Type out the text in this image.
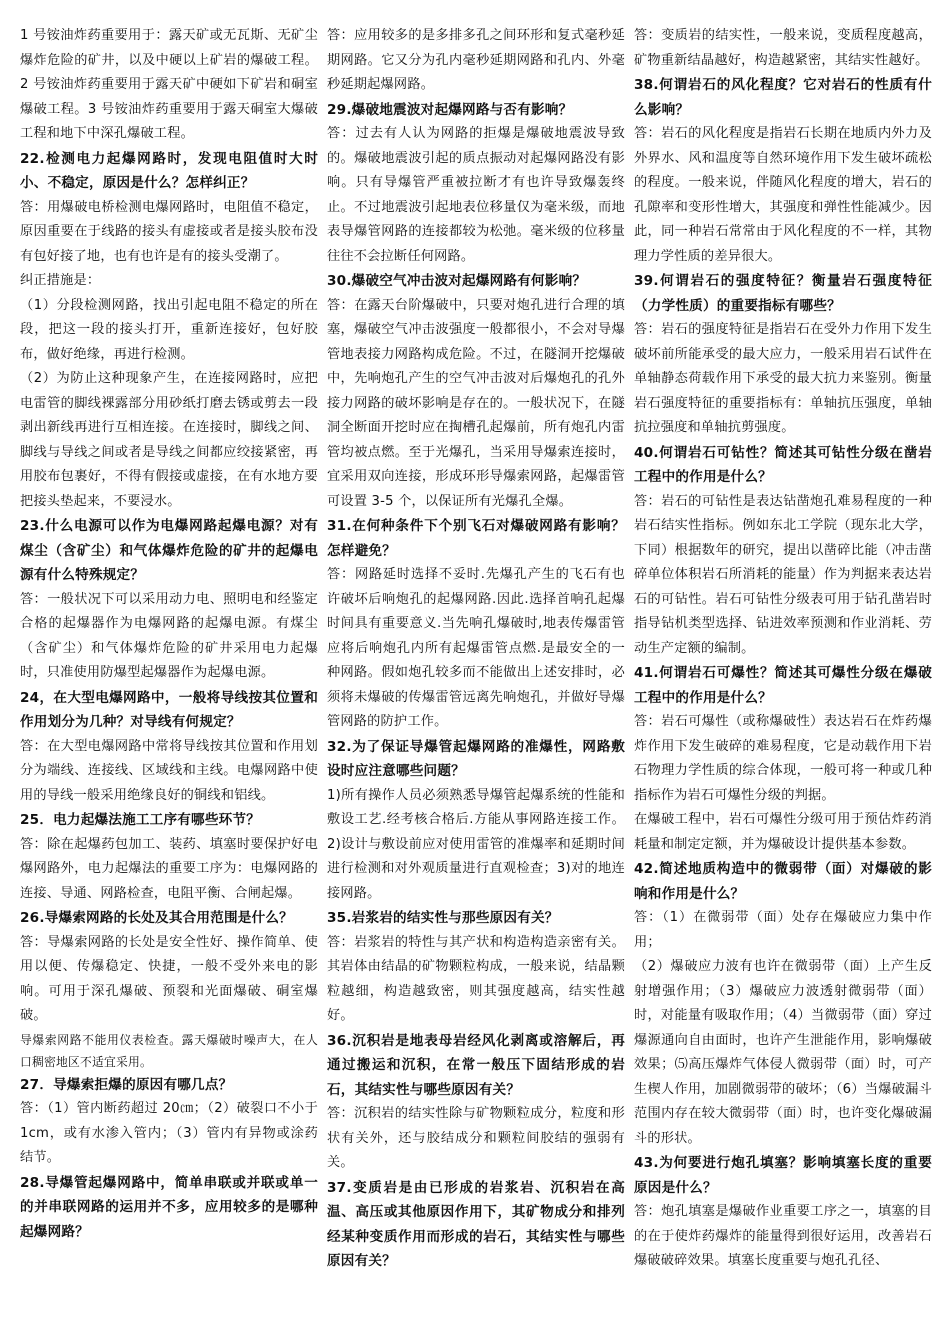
1 号铵油炸药重要用于：露天矿或无瓦斯、无矿尘爆炸危险的矿井，以及中硬以上矿岩的爆破工程。2 号铵油炸药重要用于露天矿中硬如下矿岩和硐室爆破工程。3 号铵油炸药重要用于露天硐室大爆破工程和地下中深孔爆破工程。

22.检测电力起爆网路时，发现电阻值时大时小、不稳定，原因是什么？怎样纠正？

答：用爆破电桥检测电爆网路时，电阻值不稳定，原因重要在于线路的接头有虚接或者是接头胶布没有包好接了地，也有也许是有的接头受潮了。

纠正措施是：

（1）分段检测网路，找出引起电阻不稳定的所在段，把这一段的接头打开，重新连接好，包好胶布，做好绝缘，再进行检测。

（2）为防止这种现象产生，在连接网路时，应把电雷管的脚线裸露部分用砂纸打磨去锈或剪去一段剥出新线再进行互相连接。在连接时，脚线之间、脚线与导线之间或者是导线之间都应绞接紧密，再用胶布包裹好，不得有假接或虚接，在有水地方要把接头垫起来，不要浸水。

23.什么电源可以作为电爆网路起爆电源？对有煤尘（含矿尘）和气体爆炸危险的矿井的起爆电源有什么特殊规定？

答：一般状况下可以采用动力电、照明电和经鉴定合格的起爆器作为电爆网路的起爆电源。有煤尘（含矿尘）和气体爆炸危险的矿井采用电力起爆时，只准使用防爆型起爆器作为起爆电源。

24，在大型电爆网路中，一般将导线按其位置和作用划分为几种？对导线有何规定？

答：在大型电爆网路中常将导线按其位置和作用划分为端线、连接线、区域线和主线。电爆网路中使用的导线一般采用绝缘良好的铜线和铝线。

25．电力起爆法施工工序有哪些环节？

答：除在起爆药包加工、装药、填塞时要保护好电爆网路外，电力起爆法的重要工序为：电爆网路的连接、导通、网路检查，电阻平衡、合闸起爆。

26.导爆索网路的长处及其合用范围是什么？

答：导爆索网路的长处是安全性好、操作简单、使用以便、传爆稳定、快捷，一般不受外来电的影响。可用于深孔爆破、预裂和光面爆破、硐室爆破。

导爆索网路不能用仪表检查。露天爆破时噪声大，在人口稠密地区不适宜采用。

27．导爆索拒爆的原因有哪几点？

答：（1）管内断药超过 20㎝；（2）破裂口不小于 1cm，或有水渗入管内；（3）管内有异物或涂药结节。

28.导爆管起爆网路中，简单串联或并联或单一的并串联网路的运用并不多，应用较多的是哪种起爆网路？

答：应用较多的是多排多孔之间环形和复式毫秒延期网路。它又分为孔内毫秒延期网路和孔内、外毫秒延期起爆网路。

29.爆破地震波对起爆网路与否有影响？

答：过去有人认为网路的拒爆是爆破地震波导致的。爆破地震波引起的质点振动对起爆网路没有影响。只有导爆管严重被拉断才有也许导致爆轰终止。不过地震波引起地表位移量仅为毫米级，而地表导爆管网路的连接都较为松弛。毫米级的位移量往往不会拉断任何网路。

30.爆破空气冲击波对起爆网路有何影响？

答：在露天台阶爆破中，只要对炮孔进行合理的填塞，爆破空气冲击波强度一般都很小，不会对导爆管地表接力网路构成危险。不过，在隧洞开挖爆破中，先响炮孔产生的空气冲击波对后爆炮孔的孔外接力网路的破坏影响是存在的。一般状况下，在隧洞全断面开挖时应在掏槽孔起爆前，所有炮孔内雷管均被点燃。至于光爆孔，当采用导爆索连接时，宜采用双向连接，形成环形导爆索网路，起爆雷管可设置 3-5 个，以保证所有光爆孔全爆。

31.在何种条件下个别飞石对爆破网路有影响？怎样避免？

答：网路延时选择不妥时.先爆孔产生的飞石有也许破坏后响炮孔的起爆网路.因此.选择首响孔起爆时间具有重要意义.当先响孔爆破时,地表传爆雷管应将后响炮孔内所有起爆雷管点燃.是最安全的一种网路。假如炮孔较多而不能做出上述安排时，必须将未爆破的传爆雷管远离先响炮孔，并做好导爆管网路的防护工作。

32.为了保证导爆管起爆网路的准爆性，网路敷设时应注意哪些问题？

1)所有操作人员必须熟悉导爆管起爆系统的性能和敷设工艺.经考核合格后.方能从事网路连接工作。2)设计与敷设前应对使用雷管的准爆率和延期时间进行检测和对外观质量进行直观检查；3)对的地连接网路。

35.岩浆岩的结实性与那些原因有关？

答：岩浆岩的特性与其产状和构造构造亲密有关。其岩体由结晶的矿物颗粒构成，一般来说，结晶颗粒越细，构造越致密，则其强度越高，结实性越好。

36.沉积岩是地表母岩经风化剥离或溶解后，再通过搬运和沉积，在常一般压下固结形成的岩石，其结实性与哪些原因有关？

答：沉积岩的结实性除与矿物颗粒成分，粒度和形状有关外，还与胶结成分和颗粒间胶结的强弱有关。

37.变质岩是由已形成的岩浆岩、沉积岩在高温、高压或其他原因作用下，其矿物成分和排列经某种变质作用而形成的岩石，其结实性与哪些原因有关？

答：变质岩的结实性，一般来说，变质程度越高，矿物重新结晶越好，构造越紧密，其结实性越好。

38.何谓岩石的风化程度？它对岩石的性质有什么影响？

答：岩石的风化程度是指岩石长期在地质内外力及外界水、风和温度等自然环境作用下发生破坏疏松的程度。一般来说，伴随风化程度的增大，岩石的孔隙率和变形性增大，其强度和弹性性能减少。因此，同一种岩石常常由于风化程度的不一样，其物理力学性质的差异很大。

39.何谓岩石的强度特征？衡量岩石强度特征（力学性质）的重要指标有哪些？

答：岩石的强度特征是指岩石在受外力作用下发生破坏前所能承受的最大应力，一般采用岩石试件在单轴静态荷载作用下承受的最大抗力来鉴别。衡量岩石强度特征的重要指标有：单轴抗压强度，单轴抗拉强度和单轴抗剪强度。

40.何谓岩石可钻性？简述其可钻性分级在凿岩工程中的作用是什么？

答：岩石的可钻性是表达钻凿炮孔难易程度的一种岩石结实性指标。例如东北工学院（现东北大学，下同）根据数年的研究，提出以凿碎比能（冲击凿碎单位体积岩石所消耗的能量）作为判据来表达岩石的可钻性。岩石可钻性分级表可用于钻孔凿岩时指导钻机类型选择、钻进效率预测和作业消耗、劳动生产定额的编制。

41.何谓岩石可爆性？简述其可爆性分级在爆破工程中的作用是什么？

答：岩石可爆性（或称爆破性）表达岩石在炸药爆炸作用下发生破碎的难易程度，它是动载作用下岩石物理力学性质的综合体现，一般可将一种或几种指标作为岩石可爆性分级的判据。

在爆破工程中，岩石可爆性分级可用于预估炸药消耗量和制定定额，并为爆破设计提供基本参数。

42.简述地质构造中的微弱带（面）对爆破的影响和作用是什么？

答：（1）在微弱带（面）处存在爆破应力集中作用；

（2）爆破应力波有也许在微弱带（面）上产生反射增强作用；（3）爆破应力波透射微弱带（面）时，对能量有吸取作用；（4）当微弱带（面）穿过爆源通向自由面时，也许产生泄能作用，影响爆破效果；⑸高压爆炸气体侵人微弱带（面）时，可产生楔人作用，加剧微弱带的破坏；（6）当爆破漏斗范围内存在较大微弱带（面）时，也许变化爆破漏斗的形状。

43.为何要进行炮孔填塞？影响填塞长度的重要原因是什么？

答：炮孔填塞是爆破作业重要工序之一，填塞的目的在于使炸药爆炸的能量得到很好运用，改善岩石爆破破碎效果。填塞长度重要与炮孔孔径、
